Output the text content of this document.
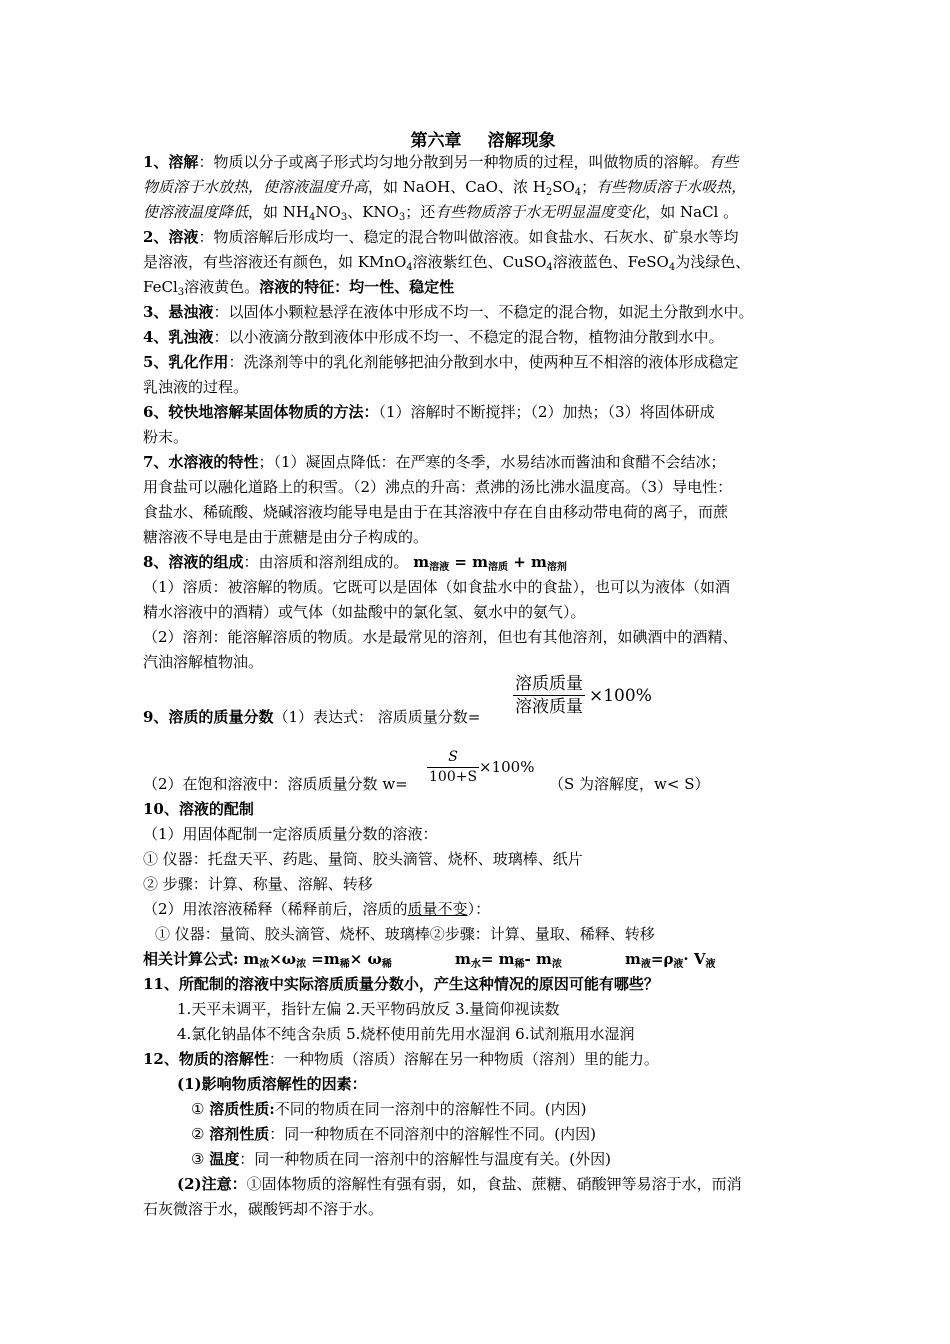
第六章 溶解现象
1、溶解：物质以分子或离子形式均匀地分散到另一种物质的过程，叫做物质的溶解。有些
物质溶于水放热，使溶液温度升高，如 NaOH、CaO、浓 $H_2SO_4$；有些物质溶于水吸热，
使溶液温度降低，如 $NH_4NO_3$、$KNO_3$；还有些物质溶于水无明显温度变化，如 NaCl 。
2、溶液：物质溶解后形成均一、稳定的混合物叫做溶液。如食盐水、石灰水、矿泉水等均
是溶液，有些溶液还有颜色，如 KMnO$_4$溶液紫红色、CuSO$_4$溶液蓝色、FeSO$_4$为浅绿色、
FeCl$_3$溶液黄色。溶液的特征：均一性、稳定性
3、悬浊液：以固体小颗粒悬浮在液体中形成不均一、不稳定的混合物，如泥土分散到水中。
4、乳浊液：以小液滴分散到液体中形成不均一、不稳定的混合物，植物油分散到水中。
5、乳化作用：洗涤剂等中的乳化剂能够把油分散到水中，使两种互不相溶的液体形成稳定
乳浊液的过程。
6、较快地溶解某固体物质的方法：（1）溶解时不断搅拌；（2）加热；（3）将固体研成
粉末。
7、水溶液的特性；（1）凝固点降低：在严寒的冬季，水易结冰而酱油和食醋不会结冰；
用食盐可以融化道路上的积雪。（2）沸点的升高：煮沸的汤比沸水温度高。（3）导电性：
食盐水、稀硫酸、烧碱溶液均能导电是由于在其溶液中存在自由移动带电荷的离子，而蔗
糖溶液不导电是由于蔗糖是由分子构成的。
8、溶液的组成：由溶质和溶剂组成的。 $m_{溶液} = m_{溶质} + m_{溶剂}$
（1）溶质：被溶解的物质。它既可以是固体（如食盐水中的食盐），也可以为液体（如酒
精水溶液中的酒精）或气体（如盐酸中的氯化氢、氨水中的氨气）。
（2）溶剂：能溶解溶质的物质。水是最常见的溶剂，但也有其他溶剂，如碘酒中的酒精、
汽油溶解植物油。
溶质质量
溶液质量
×100%
9、溶质的质量分数（1）表达式： 溶质质量分数=
$\frac{S}{100+S} \times 100\%$
（2）在饱和溶液中：溶质质量分数 w=	（S 为溶解度，w< S）
10、溶液的配制
（1）用固体配制一定溶质质量分数的溶液：
① 仪器：托盘天平、药匙、量筒、胶头滴管、烧杯、玻璃棒、纸片
② 步骤：计算、称量、溶解、转移
（2）用浓溶液稀释（稀释前后，溶质的质量不变）：
① 仪器：量筒、胶头滴管、烧杯、玻璃棒②步骤：计算、量取、稀释、转移
相关计算公式: $m_浓\times\omega_浓 =m_稀\times \omega_稀$	$m_水= m_稀-$ $m_浓$	$m_液=\rho_液\cdot V_液$
11、所配制的溶液中实际溶质质量分数小，产生这种情况的原因可能有哪些？
1.天平未调平，指针左偏 2.天平物码放反 3.量筒仰视读数
4.氯化钠晶体不纯含杂质 5.烧杯使用前先用水湿润 6.试剂瓶用水湿润
12、物质的溶解性：一种物质（溶质）溶解在另一种物质（溶剂）里的能力。
(1)影响物质溶解性的因素：
① 溶质性质:不同的物质在同一溶剂中的溶解性不同。(内因)
② 溶剂性质：同一种物质在不同溶剂中的溶解性不同。(内因)
③ 温度：同一种物质在同一溶剂中的溶解性与温度有关。(外因)
(2)注意：①固体物质的溶解性有强有弱，如，食盐、蔗糖、硝酸钾等易溶于水，而消
石灰微溶于水，碳酸钙却不溶于水。
